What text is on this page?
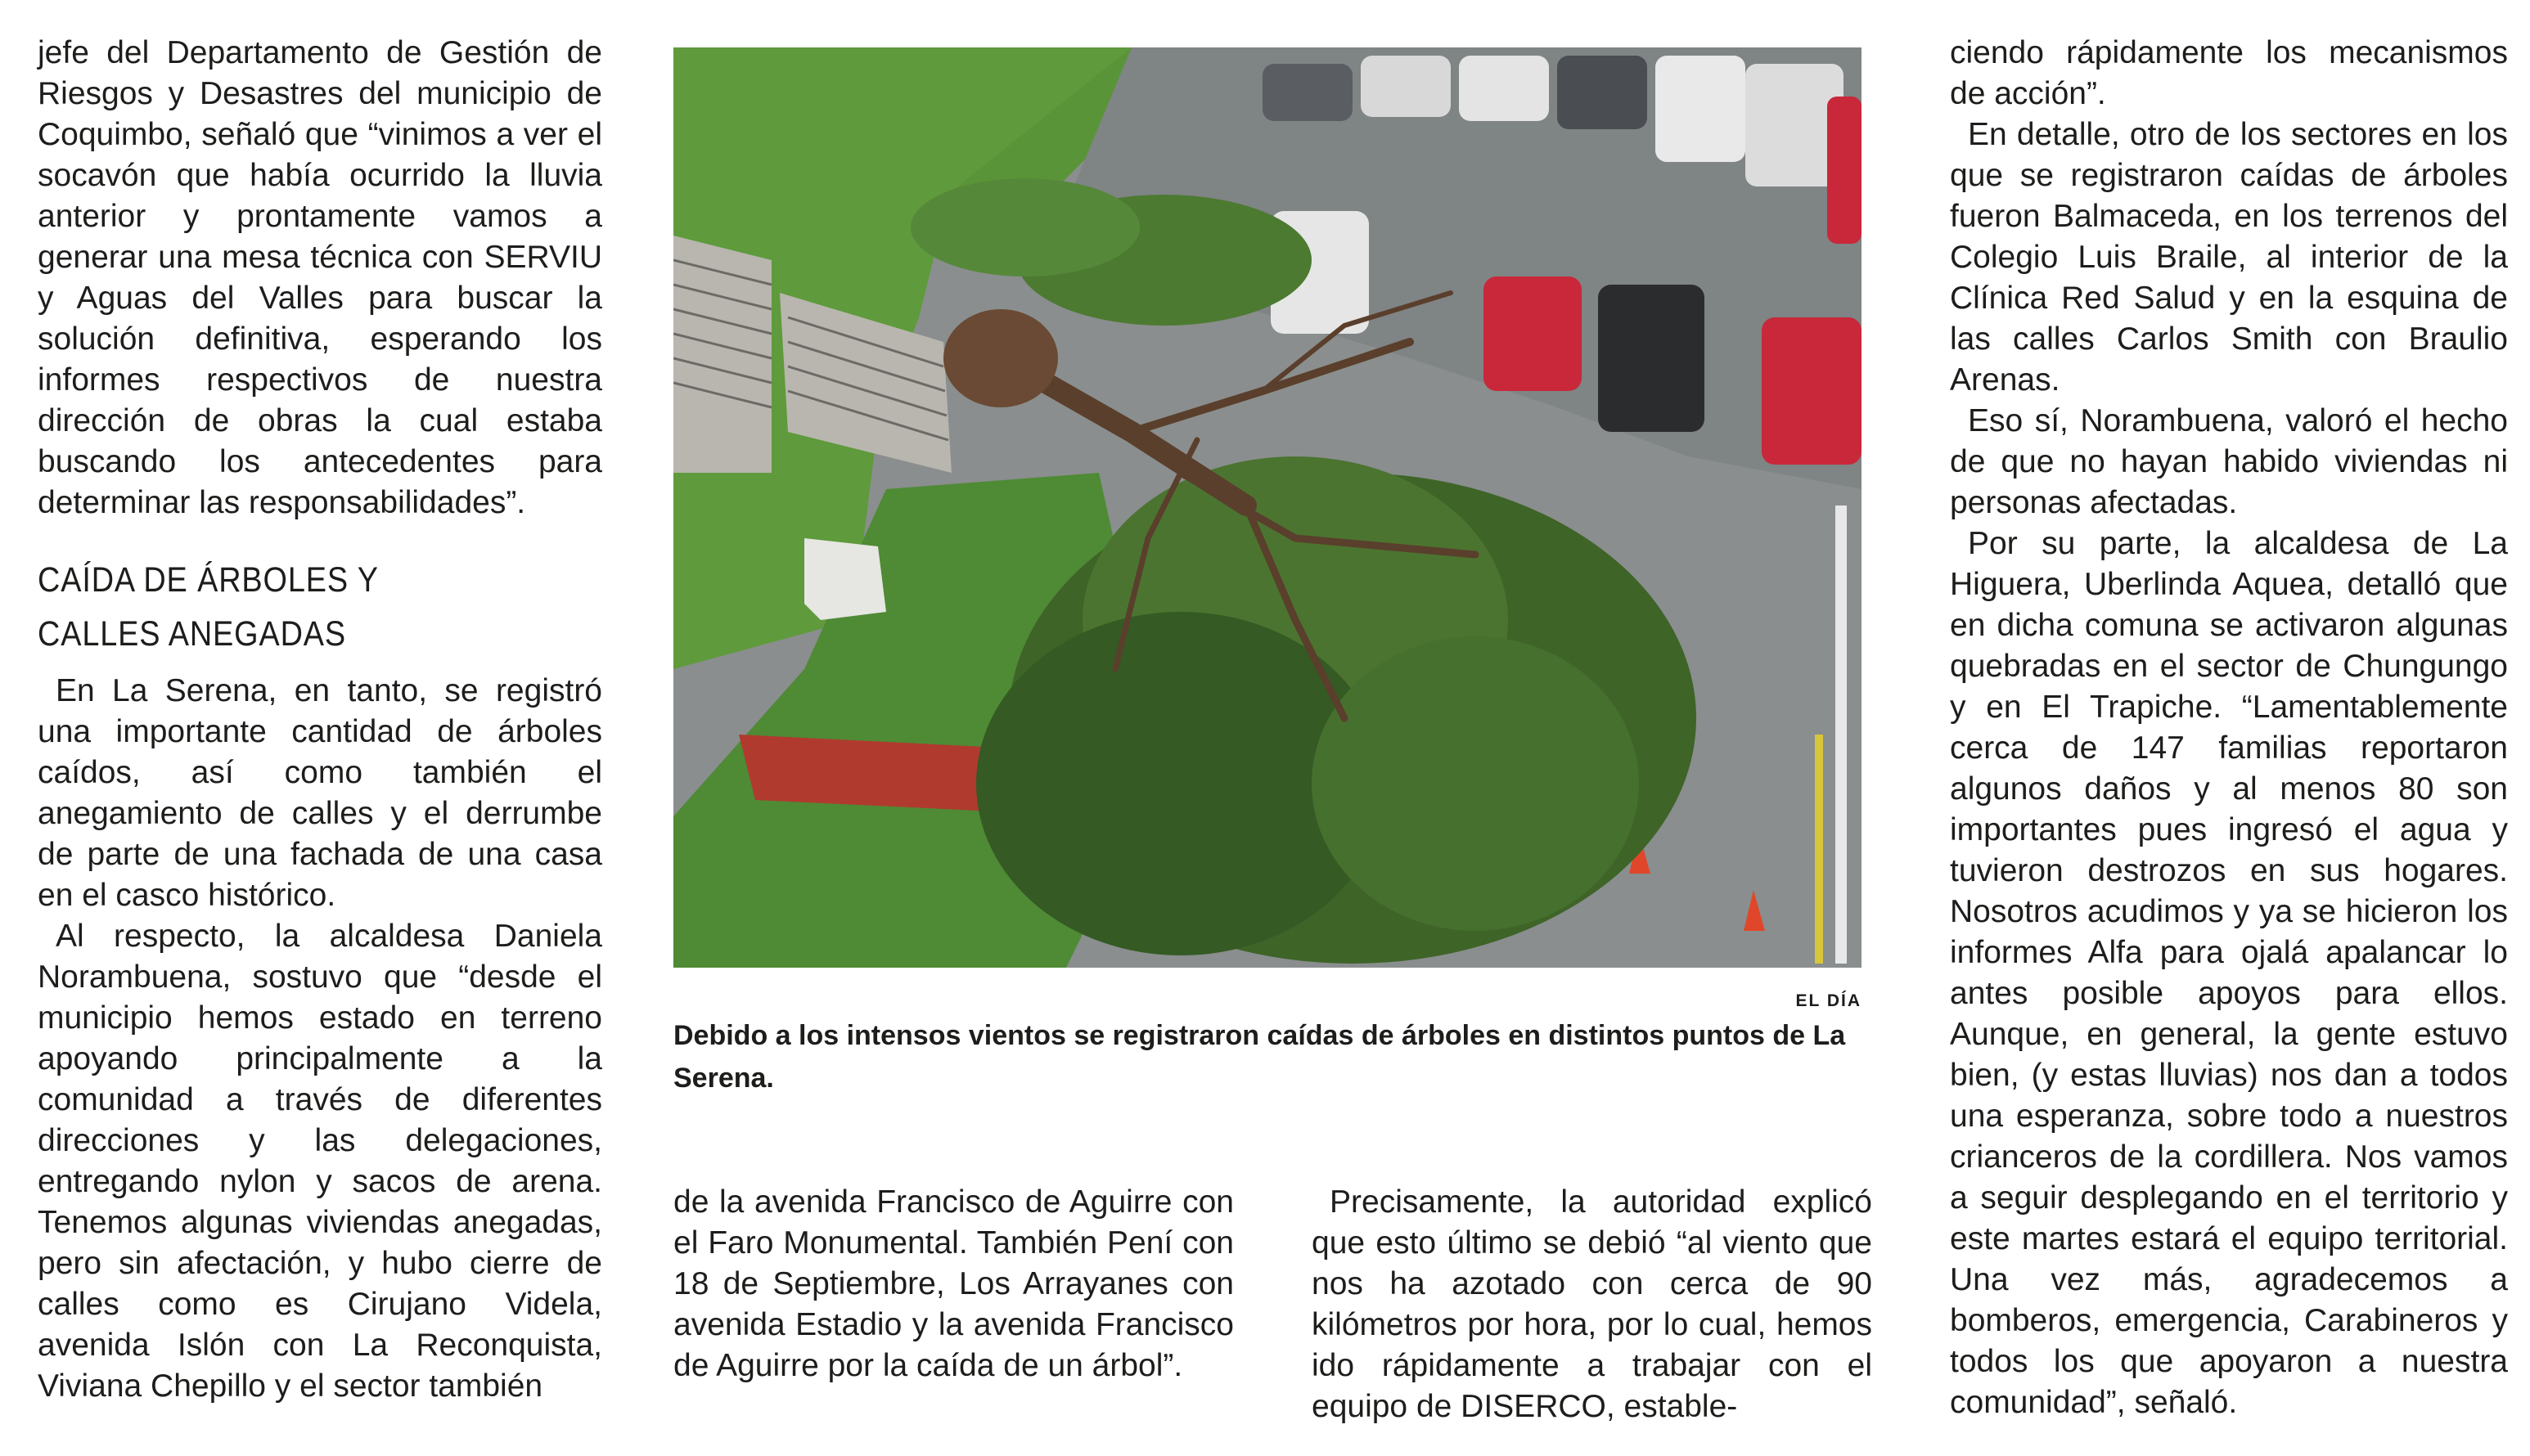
jefe del Departamento de Gestión de Riesgos y Desastres del municipio de Coquimbo, señaló que “vinimos a ver el socavón que había ocurrido la lluvia anterior y prontamente vamos a generar una mesa técnica con SERVIU y Aguas del Valles para buscar la solución definitiva, esperando los informes respectivos de nuestra dirección de obras la cual estaba buscando los antecedentes para determinar las responsabilidades”.

CAÍDA DE ÁRBOLES Y
CALLES ANEGADAS

En La Serena, en tanto, se registró una importante cantidad de árboles caídos, así como también el anegamiento de calles y el derrumbe de parte de una fachada de una casa en el casco histórico.

Al respecto, la alcaldesa Daniela Norambuena, sostuvo que “desde el municipio hemos estado en terreno apoyando principalmente a la comunidad a través de diferentes direcciones y las delegaciones, entregando nylon y sacos de arena. Tenemos algunas viviendas anegadas, pero sin afectación, y hubo cierre de calles como es Cirujano Videla, avenida Islón con La Reconquista, Viviana Chepillo y el sector también

EL DÍA
Debido a los intensos vientos se registraron caídas de árboles en distintos puntos de La Serena.

de la avenida Francisco de Aguirre con el Faro Monumental. También Pení con 18 de Septiembre, Los Arrayanes con avenida Estadio y la avenida Francisco de Aguirre por la caída de un árbol”.

Precisamente, la autoridad explicó que esto último se debió “al viento que nos ha azotado con cerca de 90 kilómetros por hora, por lo cual, hemos ido rápidamente a trabajar con el equipo de DISERCO, estable-

ciendo rápidamente los mecanismos de acción”.

En detalle, otro de los sectores en los que se registraron caídas de árboles fueron Balmaceda, en los terrenos del Colegio Luis Braile, al interior de la Clínica Red Salud y en la esquina de las calles Carlos Smith con Braulio Arenas.

Eso sí, Norambuena, valoró el hecho de que no hayan habido viviendas ni personas afectadas.

Por su parte, la alcaldesa de La Higuera, Uberlinda Aquea, detalló que en dicha comuna se activaron algunas quebradas en el sector de Chungungo y en El Trapiche. “Lamentablemente cerca de 147 familias reportaron algunos daños y al menos 80 son importantes pues ingresó el agua y tuvieron destrozos en sus hogares. Nosotros acudimos y ya se hicieron los informes Alfa para ojalá apalancar lo antes posible apoyos para ellos. Aunque, en general, la gente estuvo bien, (y estas lluvias) nos dan a todos una esperanza, sobre todo a nuestros crianceros de la cordillera. Nos vamos a seguir desplegando en el territorio y este martes estará el equipo territorial. Una vez más, agradecemos a bomberos, emergencia, Carabineros y todos los que apoyaron a nuestra comunidad”, señaló.
